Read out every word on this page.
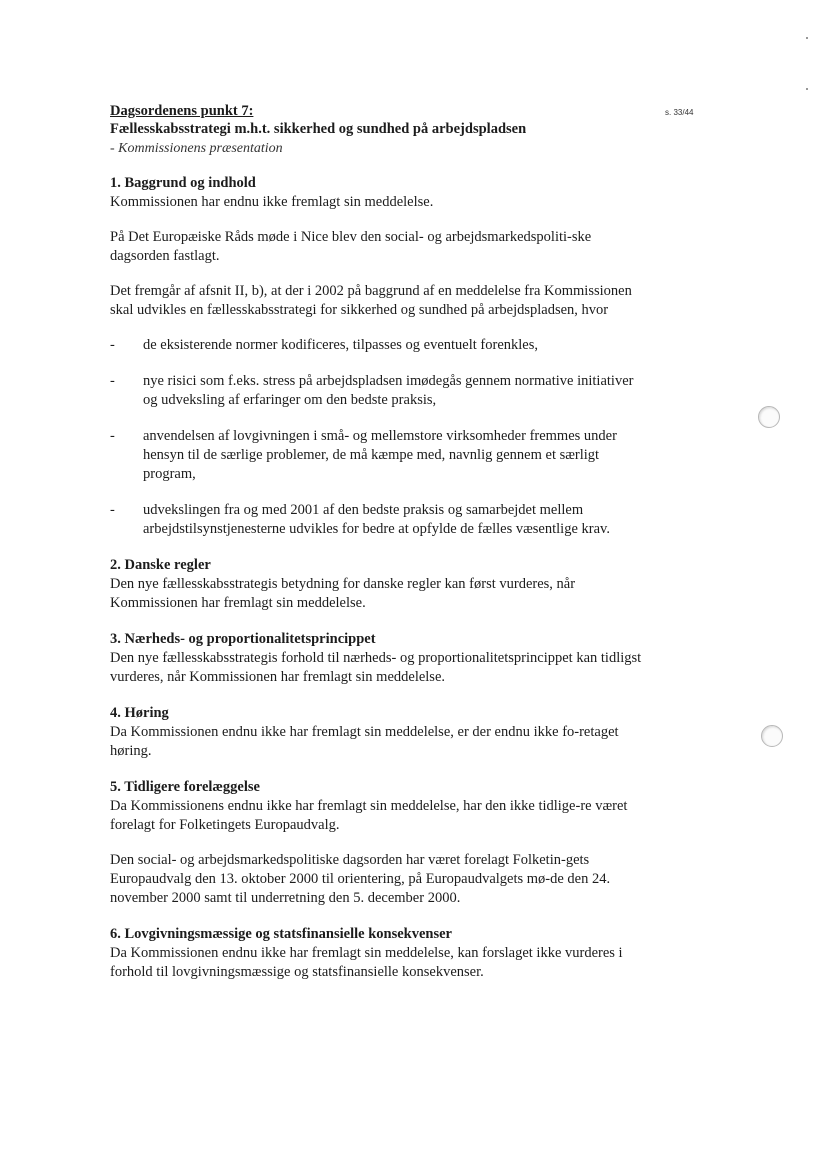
s. 33/44
Dagsordenens punkt 7:
Fællesskabsstrategi m.h.t. sikkerhed og sundhed på arbejdspladsen
- Kommissionens præsentation
1. Baggrund og indhold

Kommissionen har endnu ikke fremlagt sin meddelelse.

På Det Europæiske Råds møde i Nice blev den social- og arbejdsmarkedspoliti-ske dagsorden fastlagt.

Det fremgår af afsnit II, b), at der i 2002 på baggrund af en meddelelse fra Kommissionen skal udvikles en fællesskabsstrategi for sikkerhed og sundhed på arbejdspladsen, hvor

- de eksisterende normer kodificeres, tilpasses og eventuelt forenkles,
- nye risici som f.eks. stress på arbejdspladsen imødegås gennem normative initiativer og udveksling af erfaringer om den bedste praksis,
- anvendelsen af lovgivningen i små- og mellemstore virksomheder fremmes under hensyn til de særlige problemer, de må kæmpe med, navnlig gennem et særligt program,
- udvekslingen fra og med 2001 af den bedste praksis og samarbejdet mellem arbejdstilsynstjenesterne udvikles for bedre at opfylde de fælles væsentlige krav.
2. Danske regler

Den nye fællesskabsstrategis betydning for danske regler kan først vurderes, når Kommissionen har fremlagt sin meddelelse.

3. Nærheds- og proportionalitetsprincippet

Den nye fællesskabsstrategis forhold til nærheds- og proportionalitetsprincippet kan tidligst vurderes, når Kommissionen har fremlagt sin meddelelse.

4. Høring

Da Kommissionen endnu ikke har fremlagt sin meddelelse, er der endnu ikke fo-retaget høring.

5. Tidligere forelæggelse

Da Kommissionens endnu ikke har fremlagt sin meddelelse, har den ikke tidlige-re været forelagt for Folketingets Europaudvalg.

Den social- og arbejdsmarkedspolitiske dagsorden har været forelagt Folketin-gets Europaudvalg den 13. oktober 2000 til orientering, på Europaudvalgets mø-de den 24. november 2000 samt til underretning den 5. december 2000.

6. Lovgivningsmæssige og statsfinansielle konsekvenser

Da Kommissionen endnu ikke har fremlagt sin meddelelse, kan forslaget ikke vurderes i forhold til lovgivningsmæssige og statsfinansielle konsekvenser.
